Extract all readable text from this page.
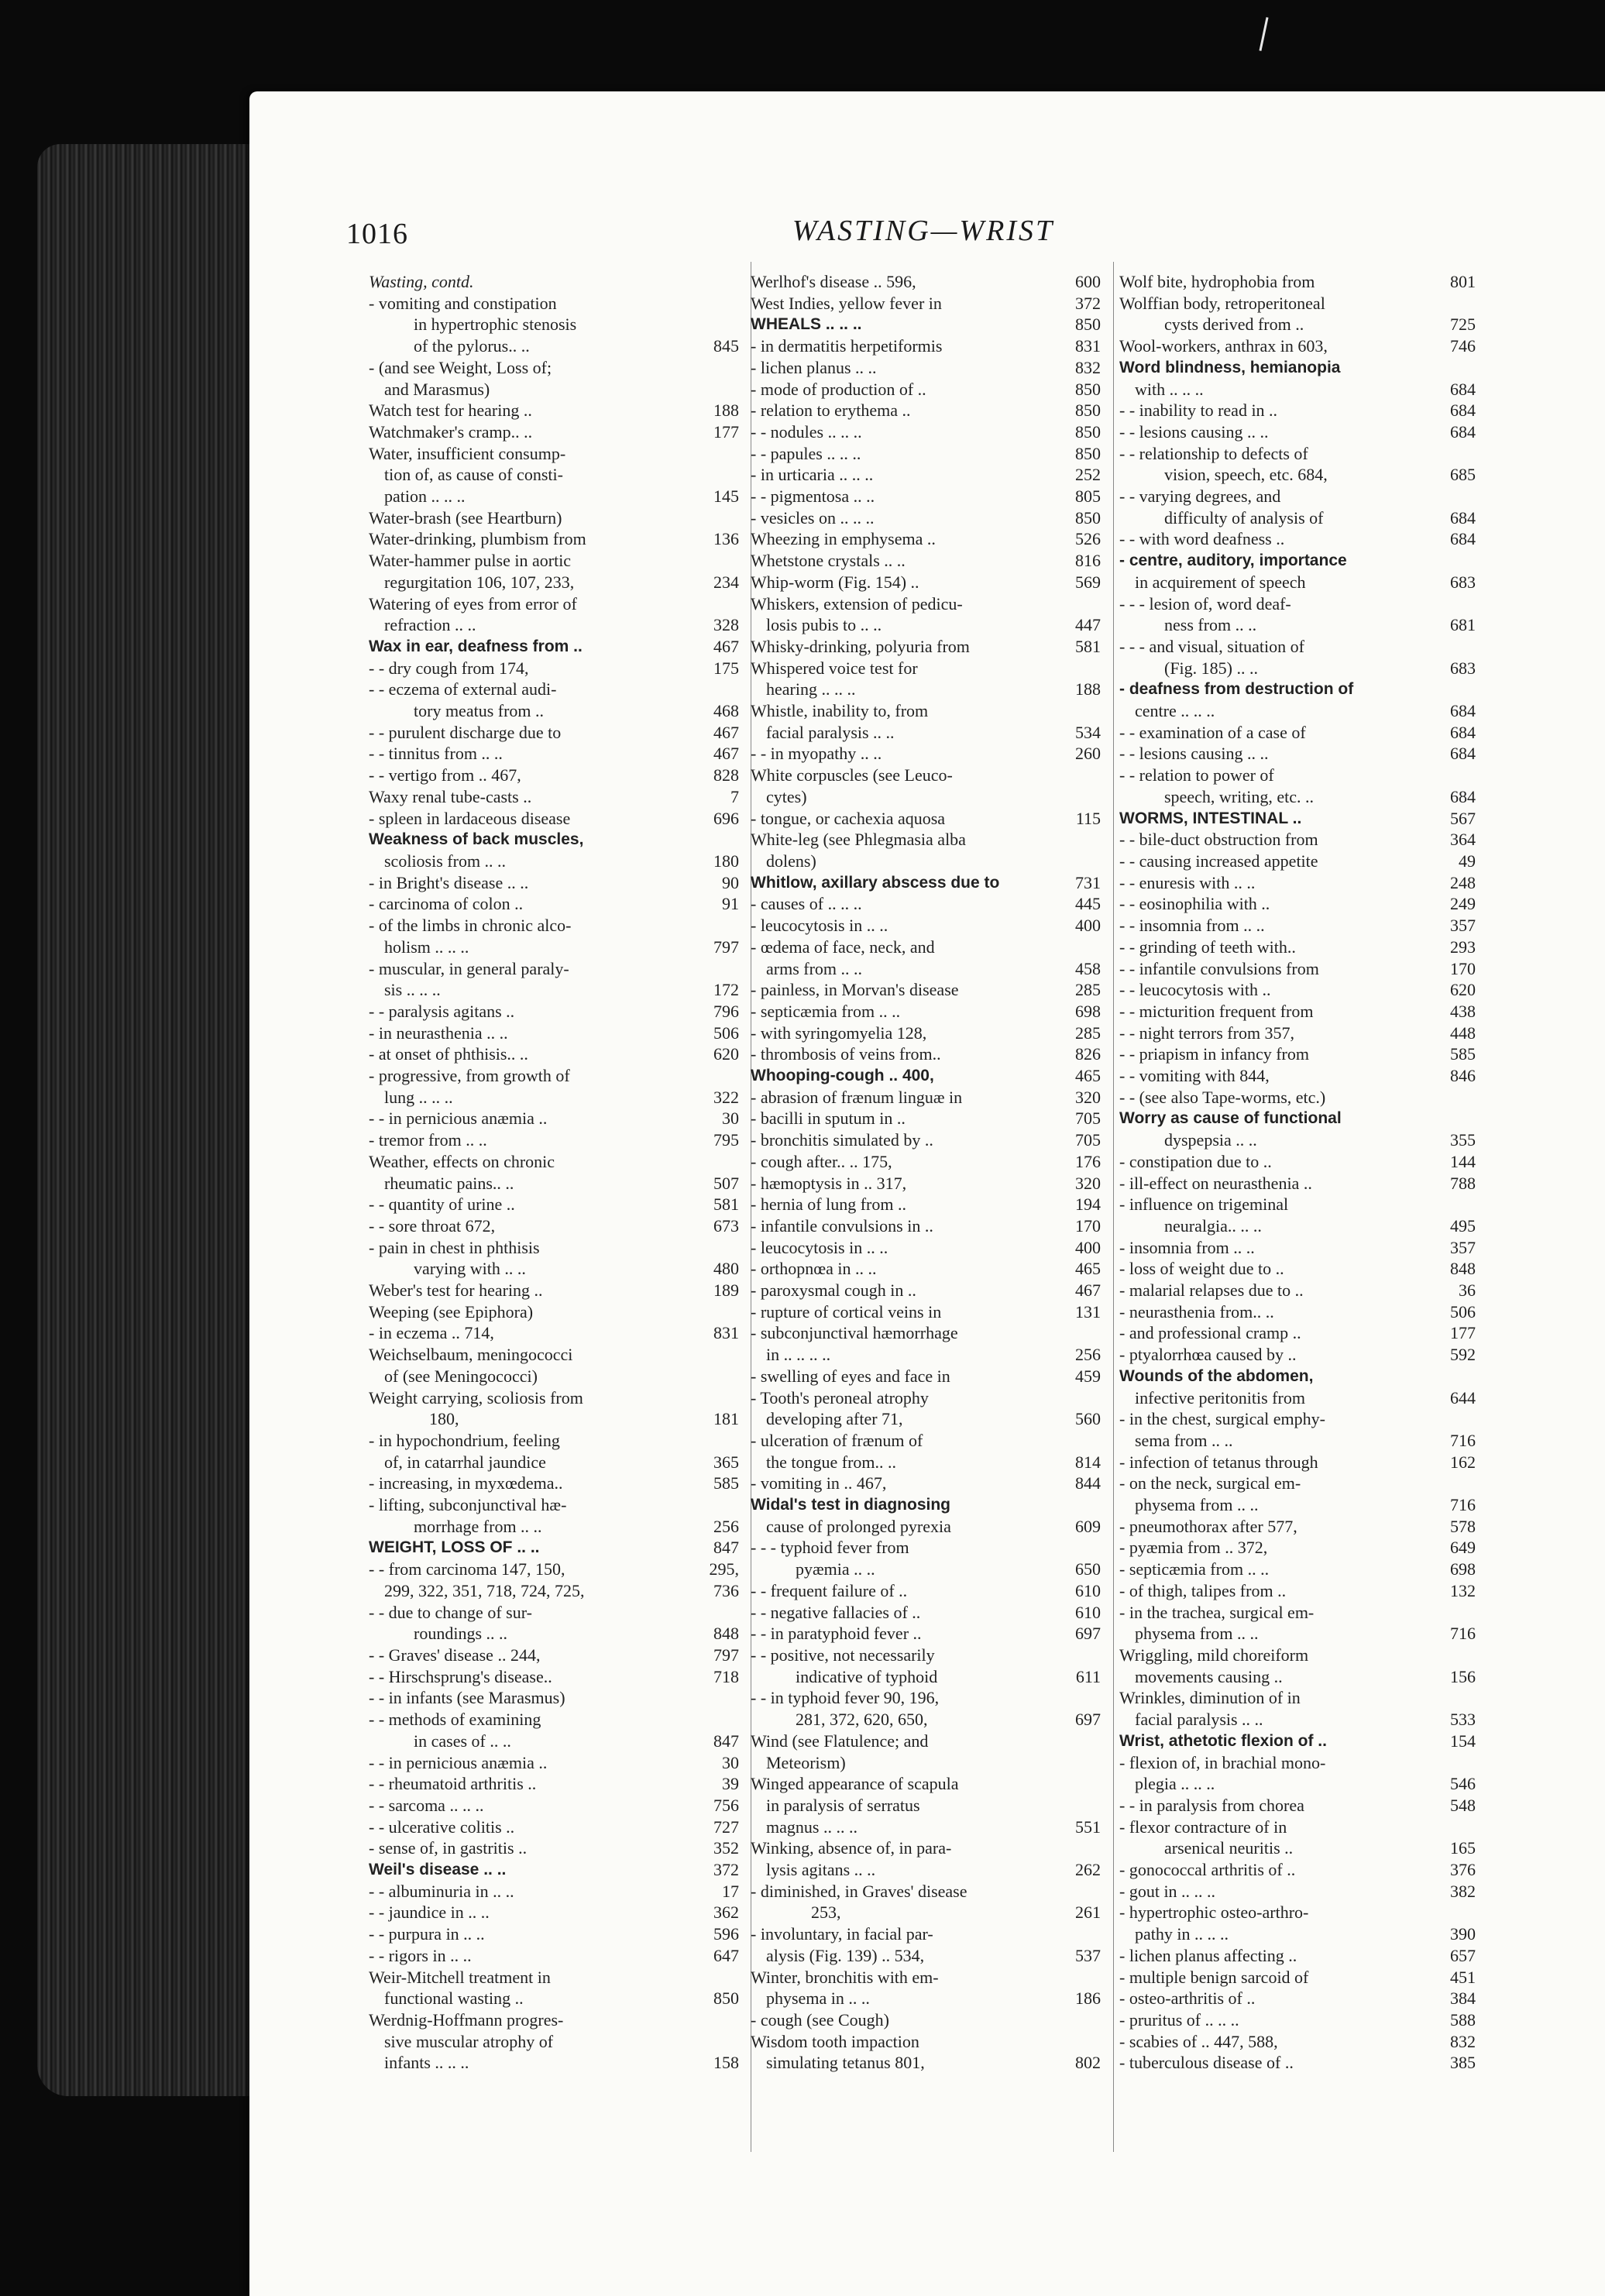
1016	WASTING—WRIST
Wasting, contd.
- vomiting and constipation
in hypertrophic stenosis
of the pylorus.. ..	845
- (and see Weight, Loss of;
and Marasmus)
Watch test for hearing ..	188
Watchmaker's cramp.. ..	177
Water, insufficient consump-
tion of, as cause of consti-
pation .. .. ..	145
Water-brash (see Heartburn)
Water-drinking, plumbism from	136
Water-hammer pulse in aortic
regurgitation 106, 107, 233,	234
Watering of eyes from error of
refraction .. ..	328
Wax in ear, deafness from ..	467
- - dry cough from 174,	175
- - eczema of external audi-
tory meatus from ..	468
- - purulent discharge due to	467
- - tinnitus from .. ..	467
- - vertigo from .. 467,	828
Waxy renal tube-casts ..	7
- spleen in lardaceous disease	696
Weakness of back muscles,
scoliosis from .. ..	180
- in Bright's disease .. ..	90
- carcinoma of colon ..	91
- of the limbs in chronic alco-
holism .. .. ..	797
- muscular, in general paraly-
sis .. .. ..	172
- - paralysis agitans ..	796
- in neurasthenia .. ..	506
- at onset of phthisis.. ..	620
- progressive, from growth of
lung .. .. ..	322
- - in pernicious anæmia ..	30
- tremor from .. ..	795
Weather, effects on chronic
rheumatic pains.. ..	507
- - quantity of urine ..	581
- - sore throat 672,	673
- pain in chest in phthisis
varying with .. ..	480
Weber's test for hearing ..	189
Weeping (see Epiphora)
- in eczema .. 714,	831
Weichselbaum, meningococci
of (see Meningococci)
Weight carrying, scoliosis from
180,	181
- in hypochondrium, feeling
of, in catarrhal jaundice	365
- increasing, in myxœdema..	585
- lifting, subconjunctival hæ-
morrhage from .. ..	256
WEIGHT, LOSS OF .. ..	847
- - from carcinoma 147, 150,	295,
299, 322, 351, 718, 724, 725,	736
- - due to change of sur-
roundings .. ..	848
- - Graves' disease .. 244,	797
- - Hirschsprung's disease..	718
- - in infants (see Marasmus)
- - methods of examining
in cases of .. ..	847
- - in pernicious anæmia ..	30
- - rheumatoid arthritis ..	39
- - sarcoma .. .. ..	756
- - ulcerative colitis ..	727
- sense of, in gastritis ..	352
Weil's disease .. ..	372
- - albuminuria in .. ..	17
- - jaundice in .. ..	362
- - purpura in .. ..	596
- - rigors in .. ..	647
Weir-Mitchell treatment in
functional wasting ..	850
Werdnig-Hoffmann progres-
sive muscular atrophy of
infants .. .. ..	158
Werlhof's disease .. 596,	600
West Indies, yellow fever in	372
WHEALS .. .. ..	850
- in dermatitis herpetiformis	831
- lichen planus .. ..	832
- mode of production of ..	850
- relation to erythema ..	850
- - nodules .. .. ..	850
- - papules .. .. ..	850
- in urticaria .. .. ..	252
- - pigmentosa .. ..	805
- vesicles on .. .. ..	850
Wheezing in emphysema ..	526
Whetstone crystals .. ..	816
Whip-worm (Fig. 154) ..	569
Whiskers, extension of pedicu-
losis pubis to .. ..	447
Whisky-drinking, polyuria from	581
Whispered voice test for
hearing .. .. ..	188
Whistle, inability to, from
facial paralysis .. ..	534
- - in myopathy .. ..	260
White corpuscles (see Leuco-
cytes)
- tongue, or cachexia aquosa	115
White-leg (see Phlegmasia alba
dolens)
Whitlow, axillary abscess due to	731
- causes of .. .. ..	445
- leucocytosis in .. ..	400
- œdema of face, neck, and
arms from .. ..	458
- painless, in Morvan's disease	285
- septicæmia from .. ..	698
- with syringomyelia 128,	285
- thrombosis of veins from..	826
Whooping-cough .. 400,	465
- abrasion of frænum linguæ in	320
- bacilli in sputum in ..	705
- bronchitis simulated by ..	705
- cough after.. .. 175,	176
- hæmoptysis in .. 317,	320
- hernia of lung from ..	194
- infantile convulsions in ..	170
- leucocytosis in .. ..	400
- orthopnœa in .. ..	465
- paroxysmal cough in ..	467
- rupture of cortical veins in	131
- subconjunctival hæmorrhage
in .. .. .. ..	256
- swelling of eyes and face in	459
- Tooth's peroneal atrophy
developing after 71,	560
- ulceration of frænum of
the tongue from.. ..	814
- vomiting in .. 467,	844
Widal's test in diagnosing
cause of prolonged pyrexia	609
- - - typhoid fever from
pyæmia .. ..	650
- - frequent failure of ..	610
- - negative fallacies of ..	610
- - in paratyphoid fever ..	697
- - positive, not necessarily
indicative of typhoid	611
- - in typhoid fever 90, 196,
281, 372, 620, 650,	697
Wind (see Flatulence; and
Meteorism)
Winged appearance of scapula
in paralysis of serratus
magnus .. .. ..	551
Winking, absence of, in para-
lysis agitans .. ..	262
- diminished, in Graves' disease
253,	261
- involuntary, in facial par-
alysis (Fig. 139) .. 534,	537
Winter, bronchitis with em-
physema in .. ..	186
- cough (see Cough)
Wisdom tooth impaction
simulating tetanus 801,	802
Wolf bite, hydrophobia from	801
Wolffian body, retroperitoneal
cysts derived from ..	725
Wool-workers, anthrax in 603,	746
Word blindness, hemianopia
with .. .. ..	684
- - inability to read in ..	684
- - lesions causing .. ..	684
- - relationship to defects of
vision, speech, etc. 684,	685
- - varying degrees, and
difficulty of analysis of	684
- - with word deafness ..	684
- centre, auditory, importance
in acquirement of speech	683
- - - lesion of, word deaf-
ness from .. ..	681
- - - and visual, situation of
(Fig. 185) .. ..	683
- deafness from destruction of
centre .. .. ..	684
- - examination of a case of	684
- - lesions causing .. ..	684
- - relation to power of
speech, writing, etc. ..	684
WORMS, INTESTINAL ..	567
- - bile-duct obstruction from	364
- - causing increased appetite	49
- - enuresis with .. ..	248
- - eosinophilia with ..	249
- - insomnia from .. ..	357
- - grinding of teeth with..	293
- - infantile convulsions from	170
- - leucocytosis with ..	620
- - micturition frequent from	438
- - night terrors from 357,	448
- - priapism in infancy from	585
- - vomiting with 844,	846
- - (see also Tape-worms, etc.)
Worry as cause of functional
dyspepsia .. ..	355
- constipation due to ..	144
- ill-effect on neurasthenia ..	788
- influence on trigeminal
neuralgia.. .. ..	495
- insomnia from .. ..	357
- loss of weight due to ..	848
- malarial relapses due to ..	36
- neurasthenia from.. ..	506
- and professional cramp ..	177
- ptyalorrhœa caused by ..	592
Wounds of the abdomen,
infective peritonitis from	644
- in the chest, surgical emphy-
sema from .. ..	716
- infection of tetanus through	162
- on the neck, surgical em-
physema from .. ..	716
- pneumothorax after 577,	578
- pyæmia from .. 372,	649
- septicæmia from .. ..	698
- of thigh, talipes from ..	132
- in the trachea, surgical em-
physema from .. ..	716
Wriggling, mild choreiform
movements causing ..	156
Wrinkles, diminution of in
facial paralysis .. ..	533
Wrist, athetotic flexion of ..	154
- flexion of, in brachial mono-
plegia .. .. ..	546
- - in paralysis from chorea	548
- flexor contracture of in
arsenical neuritis ..	165
- gonococcal arthritis of ..	376
- gout in .. .. ..	382
- hypertrophic osteo-arthro-
pathy in .. .. ..	390
- lichen planus affecting ..	657
- multiple benign sarcoid of	451
- osteo-arthritis of ..	384
- pruritus of .. .. ..	588
- scabies of .. 447, 588,	832
- tuberculous disease of ..	385
